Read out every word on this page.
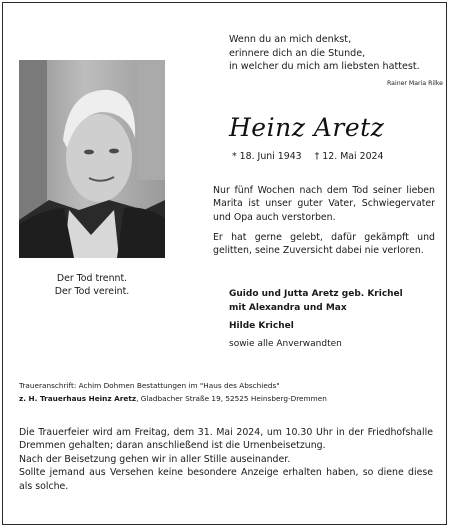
Wenn du an mich denkst,
erinnere dich an die Stunde,
in welcher du mich am liebsten hattest.
Rainer Maria Rilke
Heinz Aretz
* 18. Juni 1943 † 12. Mai 2024
Nur fünf Wochen nach dem Tod seiner lieben Marita ist unser guter Vater, Schwiegervater und Opa auch verstorben.
Er hat gerne gelebt, dafür gekämpft und gelitten, seine Zuversicht dabei nie verloren.
Der Tod trennt.
Der Tod vereint.	Guido und Jutta Aretz geb. Krichel
mit Alexandra und Max
Hilde Krichel
sowie alle Anverwandten
Traueranschrift: Achim Dohmen Bestattungen im "Haus des Abschieds"
z. H. Trauerhaus Heinz Aretz, Gladbacher Straße 19, 52525 Heinsberg-Dremmen
Die Trauerfeier wird am Freitag, dem 31. Mai 2024, um 10.30 Uhr in der Friedhofshalle Dremmen gehalten; daran anschließend ist die Urnenbeisetzung.
Nach der Beisetzung gehen wir in aller Stille auseinander.
Sollte jemand aus Versehen keine besondere Anzeige erhalten haben, so diene diese als solche.
